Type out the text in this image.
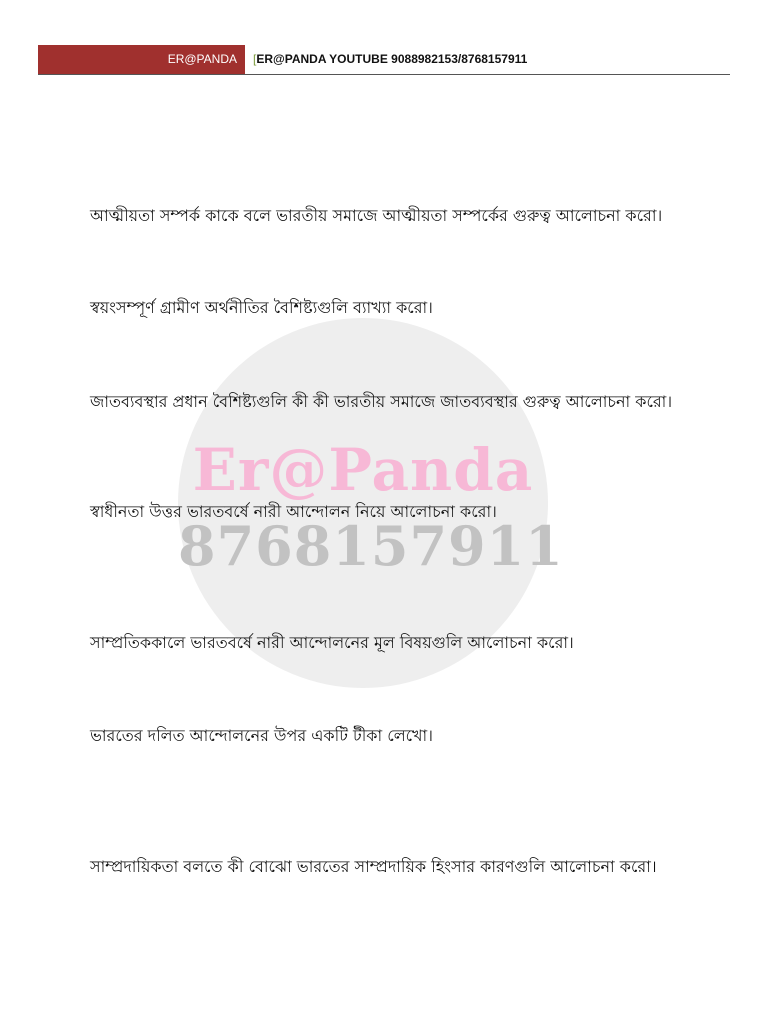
ER@PANDA	[ER@PANDA YOUTUBE 9088982153/8768157911
Er@Panda
8768157911
আত্মীয়তা সম্পর্ক কাকে বলে ভারতীয় সমাজে আত্মীয়তা সম্পর্কের গুরুত্ব আলোচনা করো।
স্বয়ংসম্পূর্ণ গ্রামীণ অর্থনীতির বৈশিষ্ট্যগুলি ব্যাখ্যা করো।
জাতব্যবস্থার প্রধান বৈশিষ্ট্যগুলি কী কী ভারতীয় সমাজে জাতব্যবস্থার গুরুত্ব আলোচনা করো।
স্বাধীনতা উত্তর ভারতবর্ষে নারী আন্দোলন নিয়ে আলোচনা করো।
সাম্প্রতিককালে ভারতবর্ষে নারী আন্দোলনের মূল বিষয়গুলি আলোচনা করো।
ভারতের দলিত আন্দোলনের উপর একটি টীকা লেখো।
সাম্প্রদায়িকতা বলতে কী বোঝো ভারতের সাম্প্রদায়িক হিংসার কারণগুলি আলোচনা করো।
